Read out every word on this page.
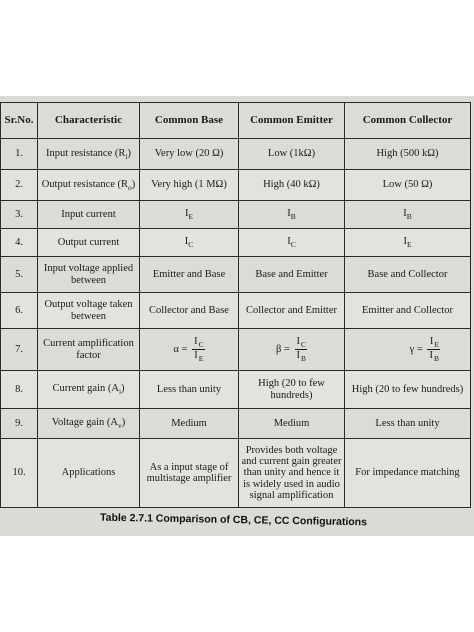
Sr.No.	Characteristic	Common Base	Common Emitter	Common Collector
1.	Input resistance $(R_i)$	Very low (20 Ω)	Low (1kΩ)	High (500 kΩ)
2.	Output resistance $(R_o)$	Very high (1 MΩ)	High (40 kΩ)	Low (50 Ω)
3.	Input current	$I_E$	$I_B$	$I_B$
4.	Output current	$I_C$	$I_C$	$I_E$
5.	Input voltage applied between	Emitter and Base	Base and Emitter	Base and Collector
6.	Output voltage taken between	Collector and Base	Collector and Emitter	Emitter and Collector
7.	Current amplification factor	$\alpha = \frac{I_C}{I_E}$	$\beta = \frac{I_C}{I_B}$	$\gamma = \frac{I_E}{I_B}$

8.	Current gain $(A_i)$	Less than unity	High (20 to few hundreds)	High (20 to few hundreds)
9.	Voltage gain $(A_v)$	Medium	Medium	Less than unity
10.	Applications	As a input stage of multistage amplifier	Provides both voltage and current gain greater than unity and hence it is widely used in audio signal amplification	For impedance matching
Table 2.7.1 Comparison of CB, CE, CC Configurations
